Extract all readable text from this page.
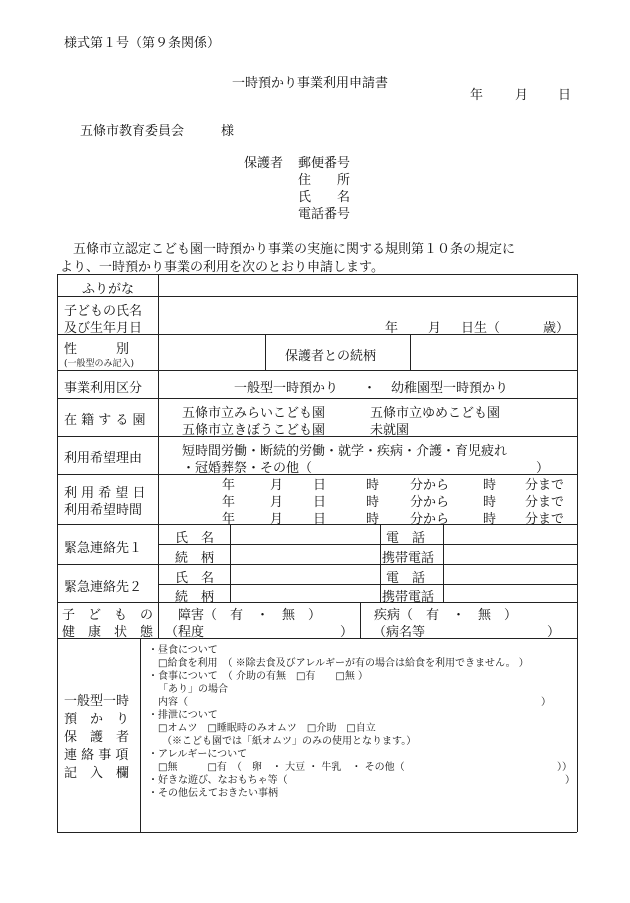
様式第１号（第９条関係）
一時預かり事業利用申請書
年 月 日
五條市教育委員会	様
保護者 郵便番号
住　　所
氏　　名
電話番号
　五條市立認定こども園一時預かり事業の実施に関する規則第１０条の規定に
より、一時預かり事業の利用を次のとおり申請します。
ふりがな
子どもの氏名
及び生年月日	年 月 日生（	歳）
性　　　別
(一般型のみ記入)	保護者との続柄
事業利用区分	一般型一時預かり ・ 幼稚園型一時預かり
在 籍 す る 園	五條市立みらいこども園	五條市立ゆめこども園
五條市立きぼうこども園	未就園
利用希望理由	短時間労働・断続的労働・就学・疾病・介護・育児疲れ
・冠婚葬祭・その他（	）
利 用 希 望 日
利用希望時間
年	月 日	時 分から	時 分まで
年	月 日	時 分から	時 分まで
年	月 日	時 分から	時 分まで
緊急連絡先１
氏　名	電　話
続　柄	携帯電話
緊急連絡先２
氏　名	電　話
続　柄	携帯電話
子　ど　も　の
健　康　状　態
障害（　有　・　無　）
（程度	）
疾病（　有　・　無　）
（病名等	）
一般型一時
預　か　り
保　護　者
連 絡 事 項
記　入　欄
・昼食について
□給食を利用　（ ※除去食及びアレルギーが有の場合は給食を利用できません。 ）
・食事について　（ 介助の有無　□有　　□無 ）
「あり」の場合
内容（	）
・排泄について
□オムツ　□睡眠時のみオムツ　□介助　□自立
（※こども園では「紙オムツ」のみの使用となります。）
・アレルギーについて
□無　　　□有　（　卵　・ 大豆 ・ 牛乳　・ その他（	））
・好きな遊び、なおもちゃ等（	）
・その他伝えておきたい事柄
